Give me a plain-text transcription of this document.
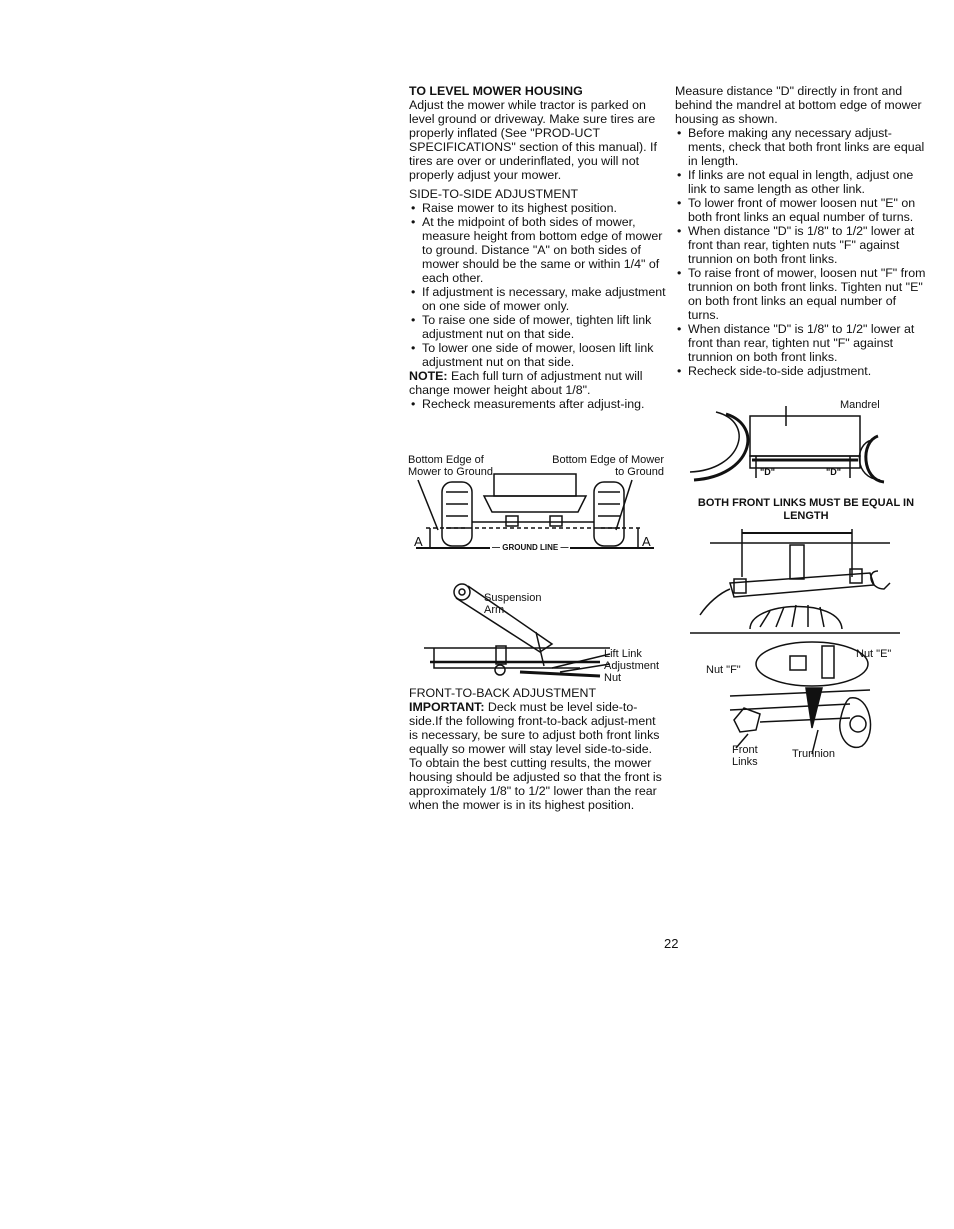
TO LEVEL MOWER HOUSING

Adjust the mower while tractor is parked on level ground or driveway. Make sure tires are properly inflated (See "PROD-UCT SPECIFICATIONS" section of this manual). If tires are over or underinflated, you will not properly adjust your mower.

SIDE-TO-SIDE ADJUSTMENT

• Raise mower to its highest position.
• At the midpoint of both sides of mower, measure height from bottom edge of mower to ground. Distance "A" on both sides of mower should be the same or within 1/4" of each other.
• If adjustment is necessary, make adjustment on one side of mower only.
• To raise one side of mower, tighten lift link adjustment nut on that side.
• To lower one side of mower, loosen lift link adjustment nut on that side.

NOTE: Each full turn of adjustment nut will change mower height about 1/8".

• Recheck measurements after adjust-ing.

FRONT-TO-BACK ADJUSTMENT

IMPORTANT: Deck must be level side-to-side.If the following front-to-back adjust-ment is necessary, be sure to adjust both front links equally so mower will stay level side-to-side.

To obtain the best cutting results, the mower housing should be adjusted so that the front is approximately 1/8" to 1/2" lower than the rear when the mower is in its highest position.

Measure distance "D" directly in front and behind the mandrel at bottom edge of mower housing as shown.

• Before making any necessary adjust-ments, check that both front links are equal in length.
• If links are not equal in length, adjust one link to same length as other link.
• To lower front of mower loosen nut "E" on both front links an equal number of turns.
• When distance "D" is 1/8" to 1/2" lower at front than rear, tighten nuts "F" against trunnion on both front links.
• To raise front of mower, loosen nut "F" from trunnion on both front links. Tighten nut "E" on both front links an equal number of turns.
• When distance "D" is 1/8" to 1/2" lower at front than rear, tighten nut "F" against trunnion on both front links.
• Recheck side-to-side adjustment.
Bottom Edge of Mower to Ground
Bottom Edge of Mower to Ground
A	A
— GROUND LINE —
Suspension Arm
Lift Link Adjustment Nut
Mandrel
"D"	"D"
BOTH FRONT LINKS MUST BE EQUAL IN LENGTH
Nut "E"
Nut "F"
Front Links
Trunnion
22
